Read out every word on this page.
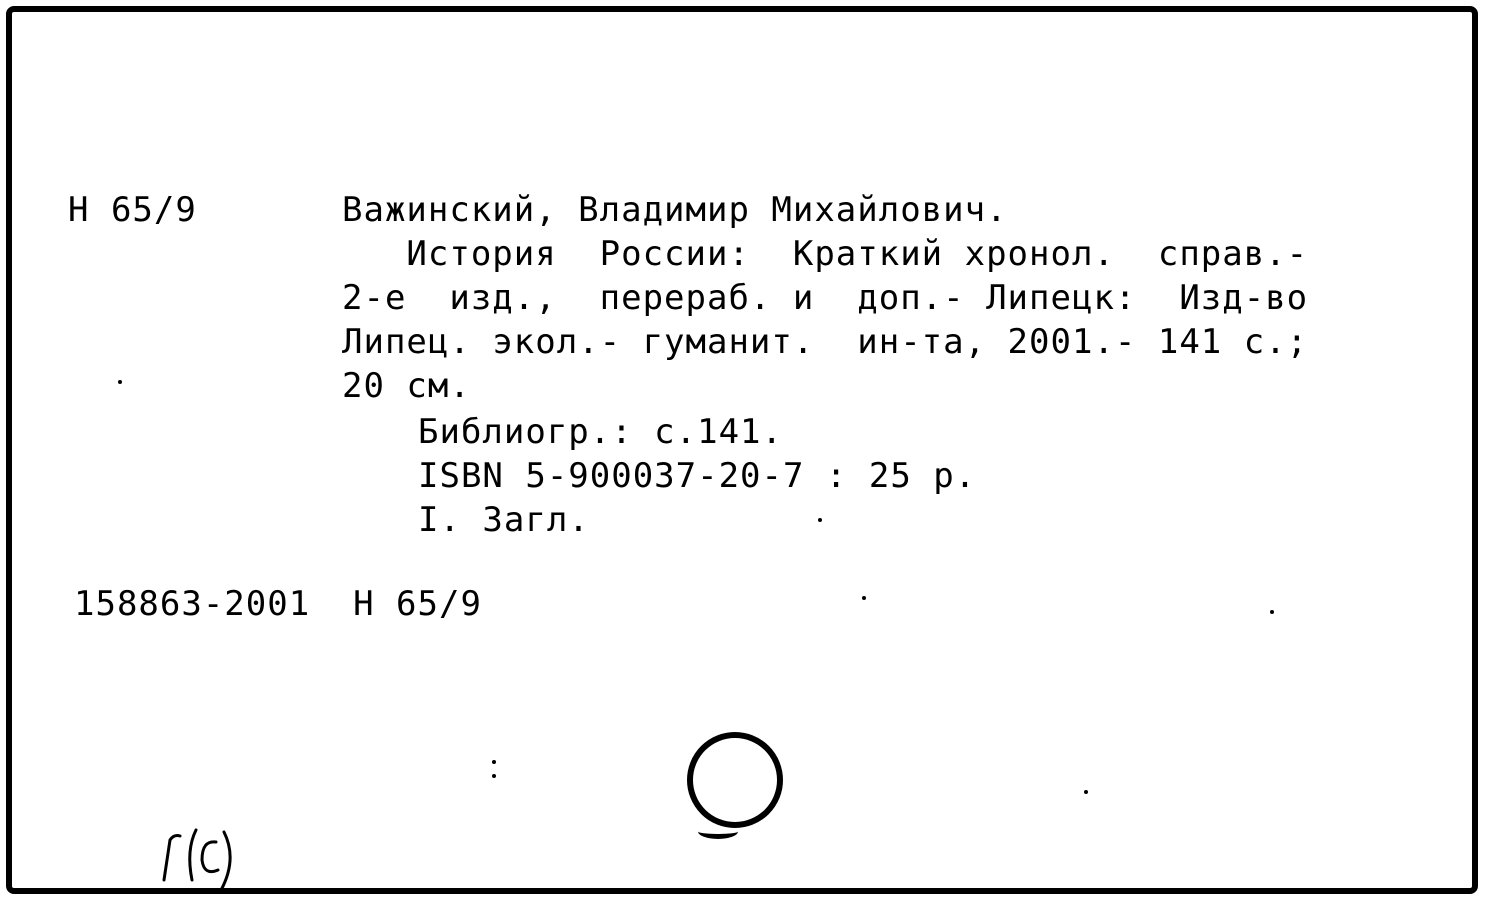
Н 65/9	Важинский, Владимир Михайлович.
История  России:  Краткий хронол.  справ.-
2-е  изд.,  перераб. и  доп.- Липецк:  Изд-во
Липец. экол.- гуманит.  ин-та, 2001.- 141 с.;
20 см.
Библиогр.: с.141.
ISBN 5-900037-20-7 : 25 р.
I. Загл.
158863-2001  Н 65/9
